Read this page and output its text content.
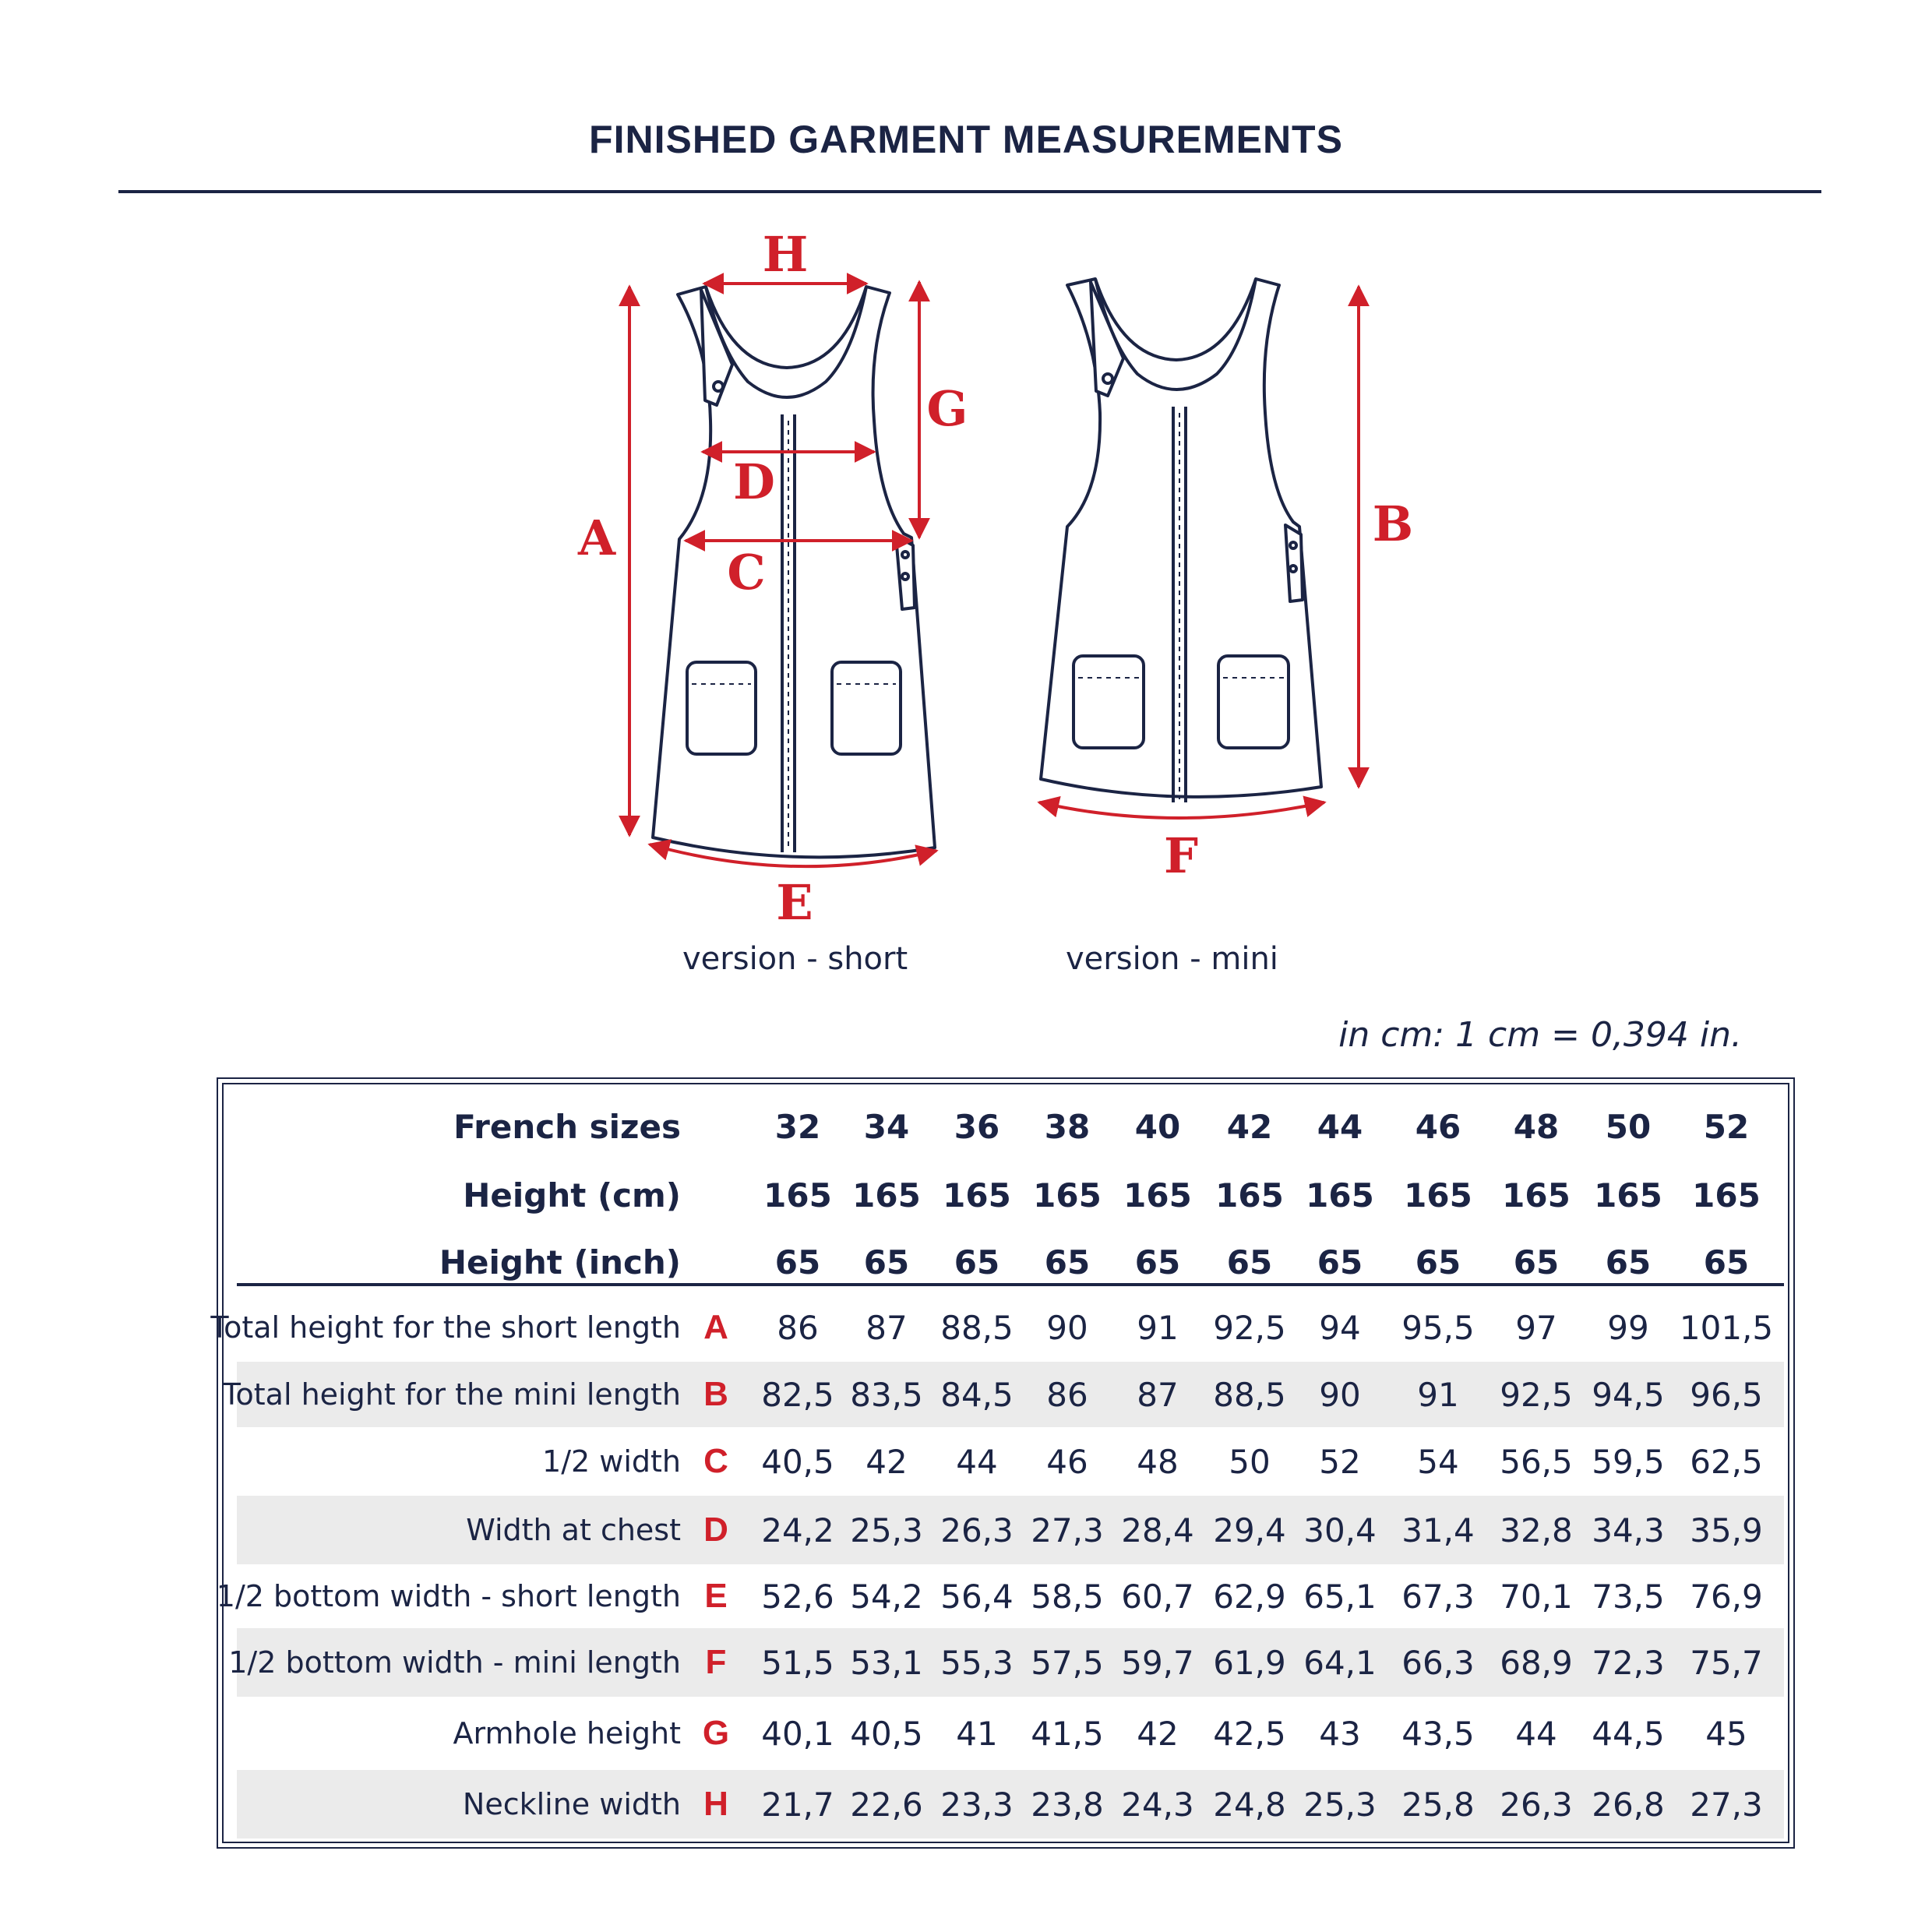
FINISHED GARMENT MEASUREMENTS
H
G
D
A
C
E
B
F
version - short	version - mini
in cm: 1 cm = 0,394 in.
French sizes	32	34	36	38	40	42	44	46	48	50	52
Height (cm)	165 165 165 165 165 165 165 165 165 165 165
Height (inch)	65	65	65	65	65	65	65	65	65	65	65
Total height for the short length A	86	87	88,5	90	91	92,5	94	95,5	97	99 101,5
Total height for the mini length B	82,5 83,5 84,5	86	87	88,5	90	91	92,5 94,5 96,5
1/2 width C	40,5 42	44	46	48	50	52	54	56,5 59,5 62,5
Width at chest D	24,2 25,3 26,3 27,3 28,4 29,4 30,4 31,4 32,8 34,3 35,9
1/2 bottom width - short length E	52,6 54,2 56,4 58,5 60,7 62,9 65,1 67,3 70,1 73,5 76,9
1/2 bottom width - mini length F	51,5 53,1 55,3 57,5 59,7 61,9 64,1 66,3 68,9 72,3 75,7
Armhole height G 40,1 40,5	41	41,5	42	42,5	43	43,5	44	44,5	45
Neckline width H	21,7 22,6 23,3 23,8 24,3 24,8 25,3 25,8 26,3 26,8 27,3
